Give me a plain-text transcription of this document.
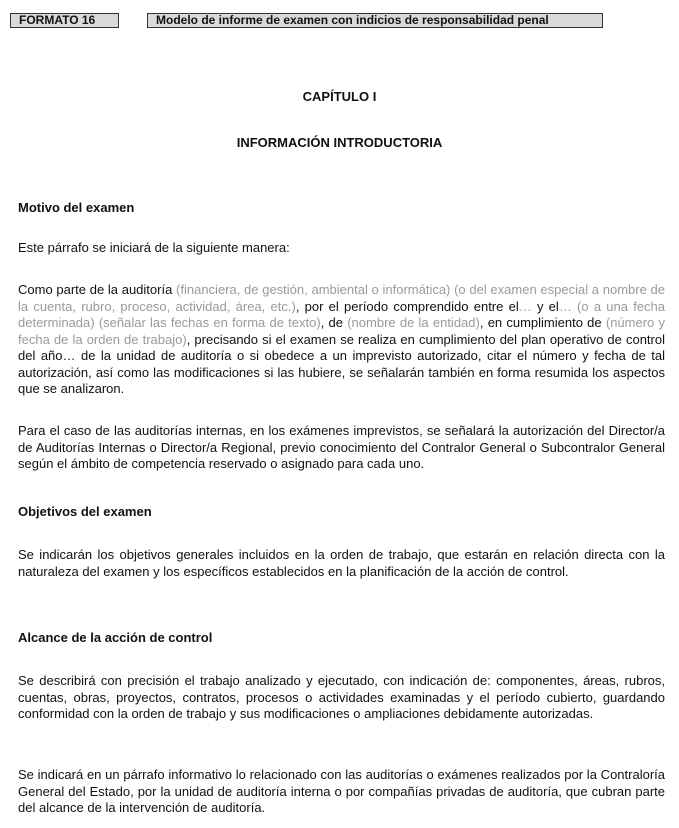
FORMATO 16	Modelo de informe de examen con indicios de responsabilidad penal
CAPÍTULO I
INFORMACIÓN INTRODUCTORIA
Motivo del examen

Este párrafo se iniciará de la siguiente manera:

Como parte de la auditoría (financiera, de gestión, ambiental o informática) (o del examen especial a nombre de la cuenta, rubro, proceso, actividad, área, etc.), por el período comprendido entre el… y el… (o a una fecha determinada) (señalar las fechas en forma de texto), de (nombre de la entidad), en cumplimiento de (número y fecha de la orden de trabajo), precisando si el examen se realiza en cumplimiento del plan operativo de control del año… de la unidad de auditoría o si obedece a un imprevisto autorizado, citar el número y fecha de tal autorización, así como las modificaciones si las hubiere, se señalarán también en forma resumida los aspectos que se analizaron.

Para el caso de las auditorías internas, en los exámenes imprevistos, se señalará la autorización del Director/a de Auditorías Internas o Director/a Regional, previo conocimiento del Contralor General o Subcontralor General según el ámbito de competencia reservado o asignado para cada uno.

Objetivos del examen

Se indicarán los objetivos generales incluidos en la orden de trabajo, que estarán en relación directa con la naturaleza del examen y los específicos establecidos en la planificación de la acción de control.

Alcance de la acción de control

Se describirá con precisión el trabajo analizado y ejecutado, con indicación de: componentes, áreas, rubros, cuentas, obras, proyectos, contratos, procesos o actividades examinadas y el período cubierto, guardando conformidad con la orden de trabajo y sus modificaciones o ampliaciones debidamente autorizadas.

Se indicará en un párrafo informativo lo relacionado con las auditorías o exámenes realizados por la Contraloría General del Estado, por la unidad de auditoría interna o por compañías privadas de auditoría, que cubran parte del alcance de la intervención de auditoría.
